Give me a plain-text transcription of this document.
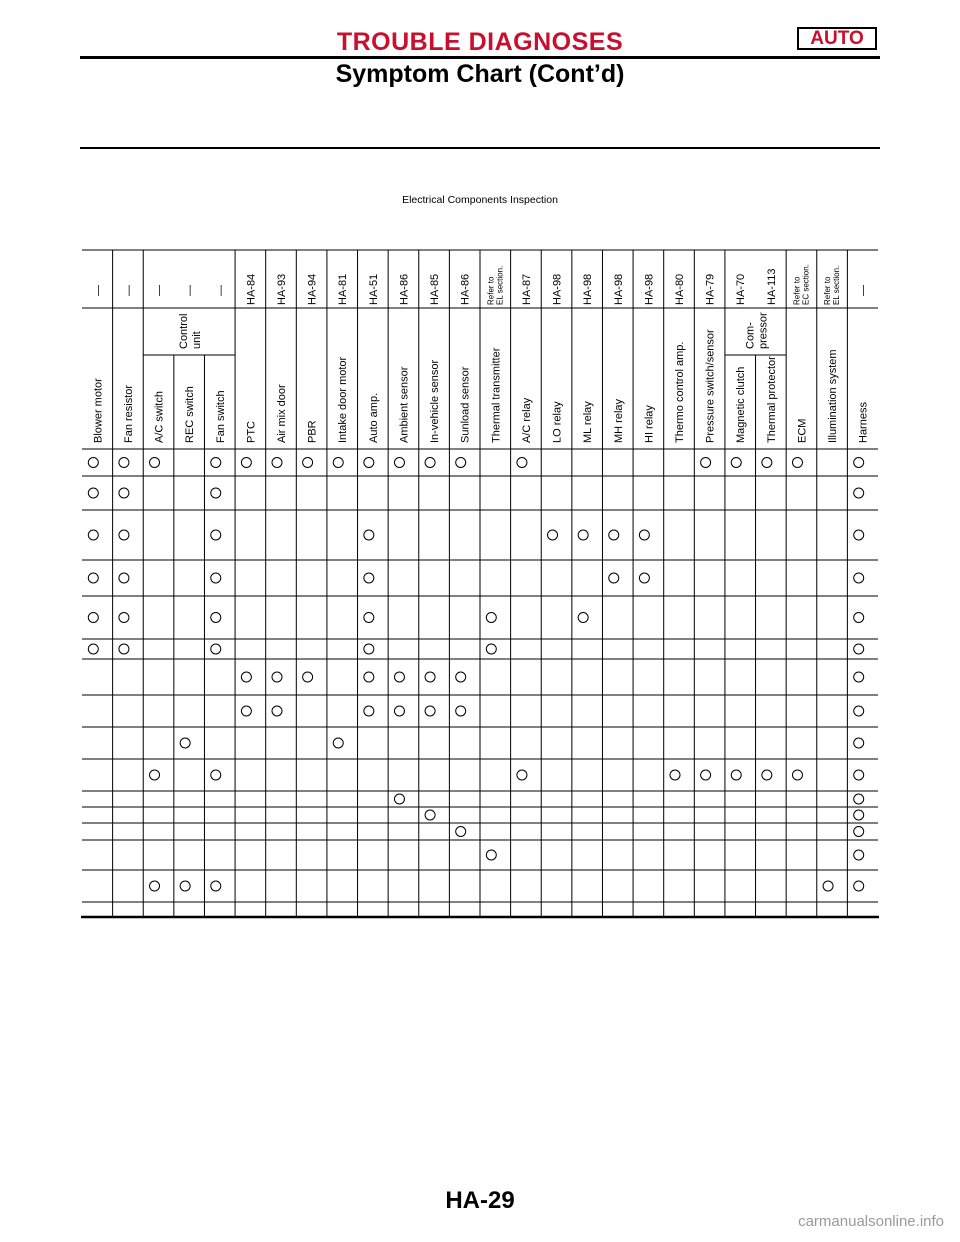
TROUBLE DIAGNOSES	AUTO
Symptom Chart (Cont’d)
Electrical Components Inspection
— — — — — HA-84 HA-93 HA-94 HA-81 HA-51 HA-86 HA-85 HA-86 Refer to EL section. HA-87 HA-98 HA-98 HA-98 HA-98 HA-80 HA-79 HA-70 HA-113 Refer to EC section. Refer to EL section. —
Blower motor Fan resistor A/C switch REC switch Fan switch PTC Air mix door PBR Intake door motor Auto amp. Ambient sensor In-vehicle sensor Sunload sensor Thermal transmitter A/C relay LO relay ML relay MH relay HI relay Thermo control amp. Pressure switch/sensor Magnetic clutch Thermal protector ECM Illumination system Harness
Control unit	Com- pressor
HA-29
carmanualsonline.info
